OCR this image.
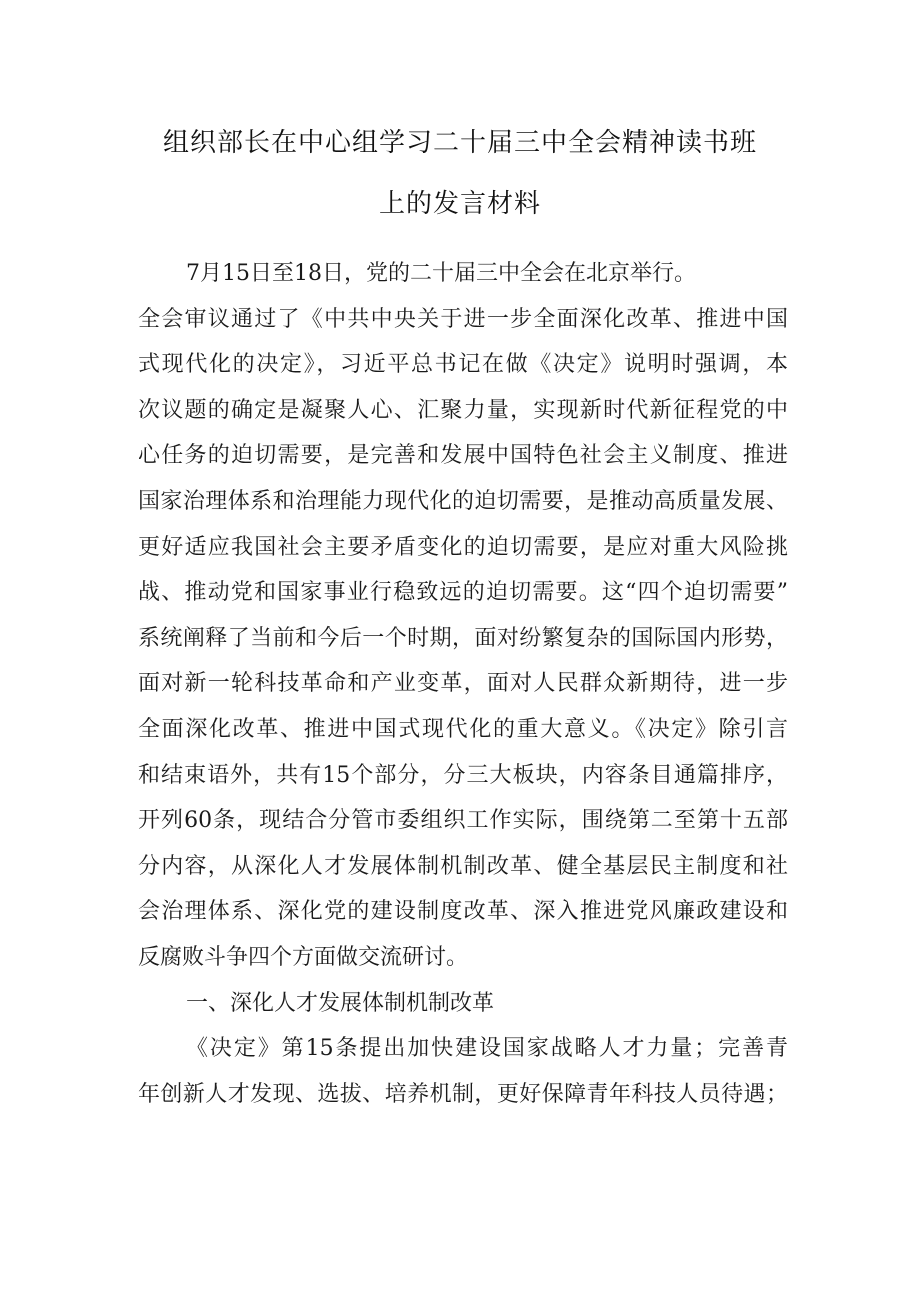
组织部长在中心组学习二十届三中全会精神读书班
上的发言材料
7月15日至18日，党的二十届三中全会在北京举行。
全会审议通过了《中共中央关于进一步全面深化改革、推进中国
式现代化的决定》，习近平总书记在做《决定》说明时强调，本
次议题的确定是凝聚人心、汇聚力量，实现新时代新征程党的中
心任务的迫切需要，是完善和发展中国特色社会主义制度、推进
国家治理体系和治理能力现代化的迫切需要，是推动高质量发展、
更好适应我国社会主要矛盾变化的迫切需要，是应对重大风险挑
战、推动党和国家事业行稳致远的迫切需要。这“四个迫切需要”
系统阐释了当前和今后一个时期，面对纷繁复杂的国际国内形势，
面对新一轮科技革命和产业变革，面对人民群众新期待，进一步
全面深化改革、推进中国式现代化的重大意义。《决定》除引言
和结束语外，共有15个部分，分三大板块，内容条目通篇排序，
开列60条，现结合分管市委组织工作实际，围绕第二至第十五部
分内容，从深化人才发展体制机制改革、健全基层民主制度和社
会治理体系、深化党的建设制度改革、深入推进党风廉政建设和
反腐败斗争四个方面做交流研讨。
一、深化人才发展体制机制改革
《决定》第15条提出加快建设国家战略人才力量；完善青
年创新人才发现、选拔、培养机制，更好保障青年科技人员待遇；
